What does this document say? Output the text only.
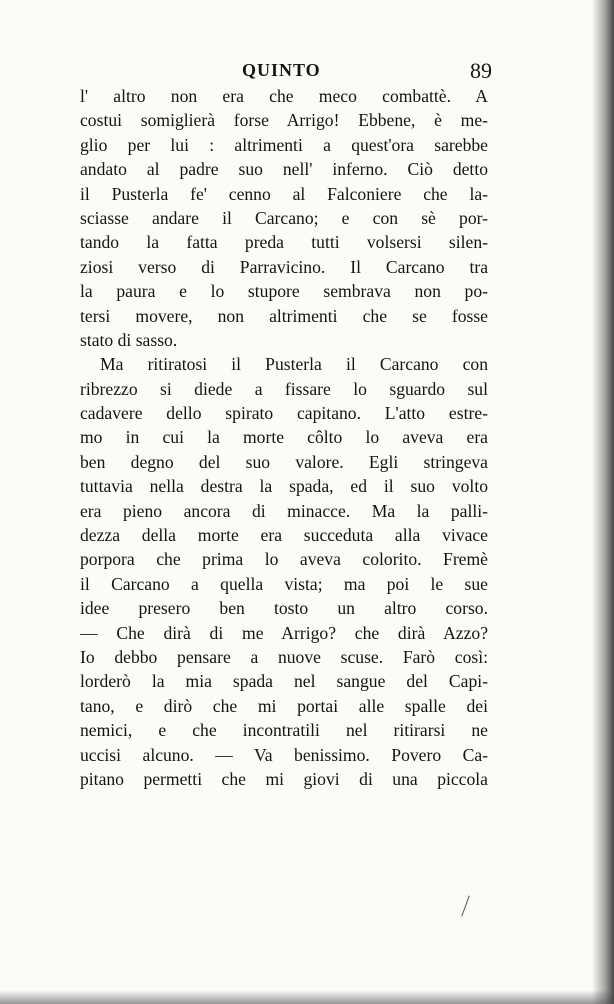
QUINTO	89
l' altro non era che meco combattè. A
costui somiglierà forse Arrigo! Ebbene, è me-
glio per lui : altrimenti a quest'ora sarebbe
andato al padre suo nell' inferno. Ciò detto
il Pusterla fe' cenno al Falconiere che la-
sciasse andare il Carcano; e con sè por-
tando la fatta preda tutti volsersi silen-
ziosi verso di Parravicino. Il Carcano tra
la paura e lo stupore sembrava non po-
tersi movere, non altrimenti che se fosse
stato di sasso.
Ma ritiratosi il Pusterla il Carcano con
ribrezzo si diede a fissare lo sguardo sul
cadavere dello spirato capitano. L'atto estre-
mo in cui la morte côlto lo aveva era
ben degno del suo valore. Egli stringeva
tuttavia nella destra la spada, ed il suo volto
era pieno ancora di minacce. Ma la palli-
dezza della morte era succeduta alla vivace
porpora che prima lo aveva colorito. Fremè
il Carcano a quella vista; ma poi le sue
idee presero ben tosto un altro corso.
— Che dirà di me Arrigo? che dirà Azzo?
Io debbo pensare a nuove scuse. Farò così:
lorderò la mia spada nel sangue del Capi-
tano, e dirò che mi portai alle spalle dei
nemici, e che incontratili nel ritirarsi ne
uccisi alcuno. — Va benissimo. Povero Ca-
pitano permetti che mi giovi di una piccola
